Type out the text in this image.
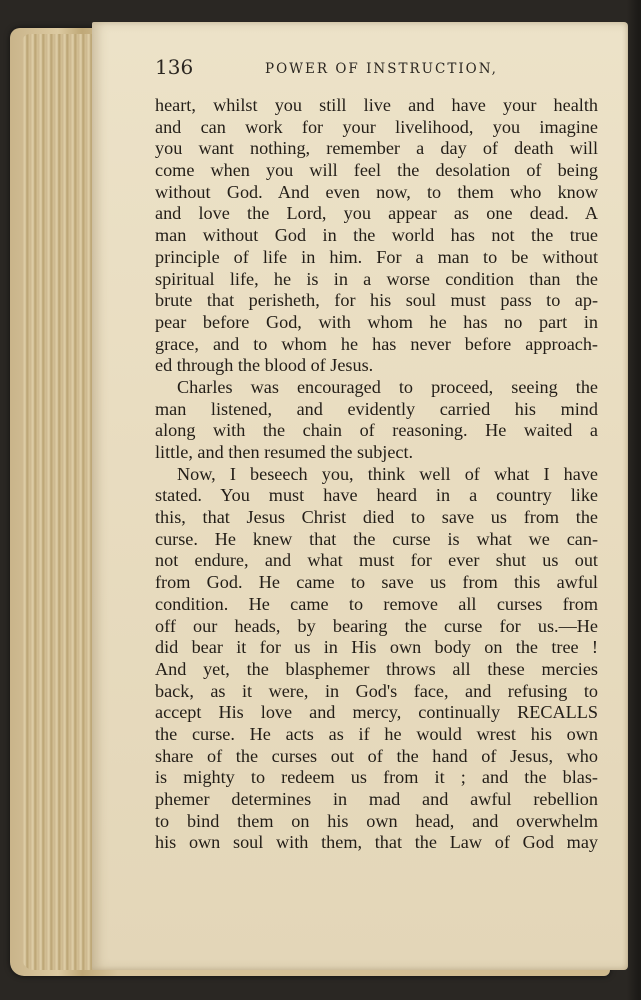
136	POWER OF INSTRUCTION,
heart, whilst you still live and have your health
and can work for your livelihood, you imagine
you want nothing, remember a day of death will
come when you will feel the desolation of being
without God. And even now, to them who know
and love the Lord, you appear as one dead. A
man without God in the world has not the true
principle of life in him. For a man to be without
spiritual life, he is in a worse condition than the
brute that perisheth, for his soul must pass to ap-
pear before God, with whom he has no part in
grace, and to whom he has never before approach-
ed through the blood of Jesus.
Charles was encouraged to proceed, seeing the
man listened, and evidently carried his mind
along with the chain of reasoning. He waited a
little, and then resumed the subject.
Now, I beseech you, think well of what I have
stated. You must have heard in a country like
this, that Jesus Christ died to save us from the
curse. He knew that the curse is what we can-
not endure, and what must for ever shut us out
from God. He came to save us from this awful
condition. He came to remove all curses from
off our heads, by bearing the curse for us.—He
did bear it for us in His own body on the tree !
And yet, the blasphemer throws all these mercies
back, as it were, in God's face, and refusing to
accept His love and mercy, continually RECALLS
the curse. He acts as if he would wrest his own
share of the curses out of the hand of Jesus, who
is mighty to redeem us from it ; and the blas-
phemer determines in mad and awful rebellion
to bind them on his own head, and overwhelm
his own soul with them, that the Law of God may
